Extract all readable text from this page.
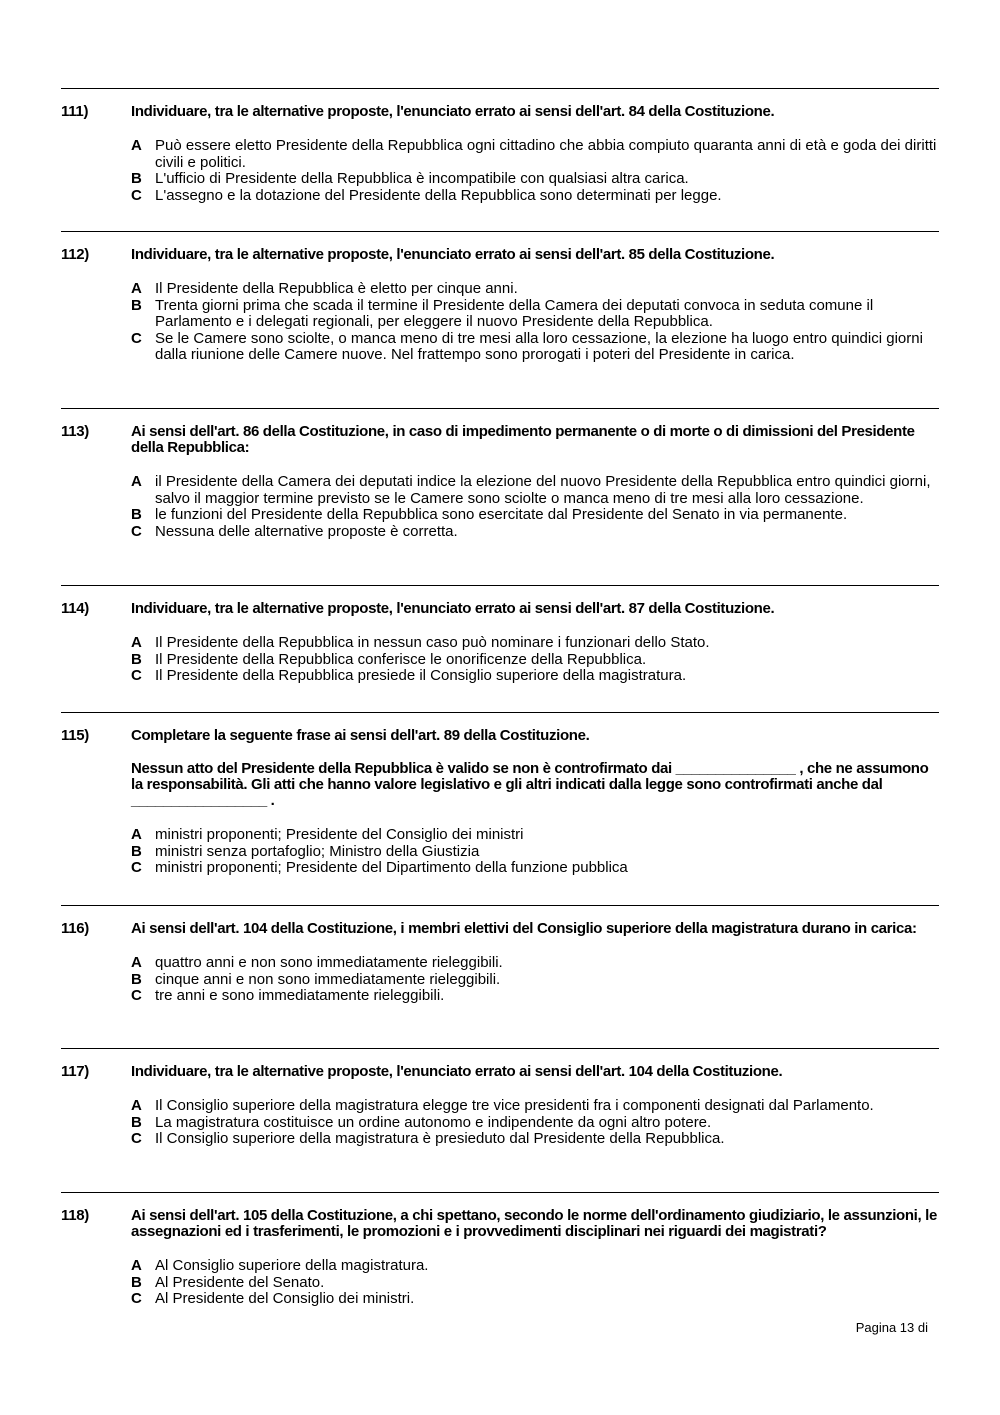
111)	Individuare, tra le alternative proposte, l'enunciato errato ai sensi dell'art. 84 della Costituzione.
A Può essere eletto Presidente della Repubblica ogni cittadino che abbia compiuto quaranta anni di età e goda dei diritti civili e politici.
B L'ufficio di Presidente della Repubblica è incompatibile con qualsiasi altra carica.
C L'assegno e la dotazione del Presidente della Repubblica sono determinati per legge.
112)	Individuare, tra le alternative proposte, l'enunciato errato ai sensi dell'art. 85 della Costituzione.
A Il Presidente della Repubblica è eletto per cinque anni.
B Trenta giorni prima che scada il termine il Presidente della Camera dei deputati convoca in seduta comune il Parlamento e i delegati regionali, per eleggere il nuovo Presidente della Repubblica.
C Se le Camere sono sciolte, o manca meno di tre mesi alla loro cessazione, la elezione ha luogo entro quindici giorni dalla riunione delle Camere nuove. Nel frattempo sono prorogati i poteri del Presidente in carica.
113)	Ai sensi dell'art. 86 della Costituzione, in caso di impedimento permanente o di morte o di dimissioni del Presidente della Repubblica:
A il Presidente della Camera dei deputati indice la elezione del nuovo Presidente della Repubblica entro quindici giorni, salvo il maggior termine previsto se le Camere sono sciolte o manca meno di tre mesi alla loro cessazione.
B le funzioni del Presidente della Repubblica sono esercitate dal Presidente del Senato in via permanente.
C Nessuna delle alternative proposte è corretta.
114)	Individuare, tra le alternative proposte, l'enunciato errato ai sensi dell'art. 87 della Costituzione.
A Il Presidente della Repubblica in nessun caso può nominare i funzionari dello Stato.
B Il Presidente della Repubblica conferisce le onorificenze della Repubblica.
C Il Presidente della Repubblica presiede il Consiglio superiore della magistratura.
115)	Completare la seguente frase ai sensi dell'art. 89 della Costituzione.
Nessun atto del Presidente della Repubblica è valido se non è controfirmato dai _______________ , che ne assumono la responsabilità. Gli atti che hanno valore legislativo e gli altri indicati dalla legge sono controfirmati anche dal _________________ .
A ministri proponenti; Presidente del Consiglio dei ministri
B ministri senza portafoglio; Ministro della Giustizia
C ministri proponenti; Presidente del Dipartimento della funzione pubblica
116)	Ai sensi dell'art. 104 della Costituzione, i membri elettivi del Consiglio superiore della magistratura durano in carica:
A quattro anni e non sono immediatamente rieleggibili.
B cinque anni e non sono immediatamente rieleggibili.
C tre anni e sono immediatamente rieleggibili.
117)	Individuare, tra le alternative proposte, l'enunciato errato ai sensi dell'art. 104 della Costituzione.
A Il Consiglio superiore della magistratura elegge tre vice presidenti fra i componenti designati dal Parlamento.
B La magistratura costituisce un ordine autonomo e indipendente da ogni altro potere.
C Il Consiglio superiore della magistratura è presieduto dal Presidente della Repubblica.
118)	Ai sensi dell'art. 105 della Costituzione, a chi spettano, secondo le norme dell'ordinamento giudiziario, le assunzioni, le assegnazioni ed i trasferimenti, le promozioni e i provvedimenti disciplinari nei riguardi dei magistrati?
A Al Consiglio superiore della magistratura.
B Al Presidente del Senato.
C Al Presidente del Consiglio dei ministri.
Pagina 13 di
